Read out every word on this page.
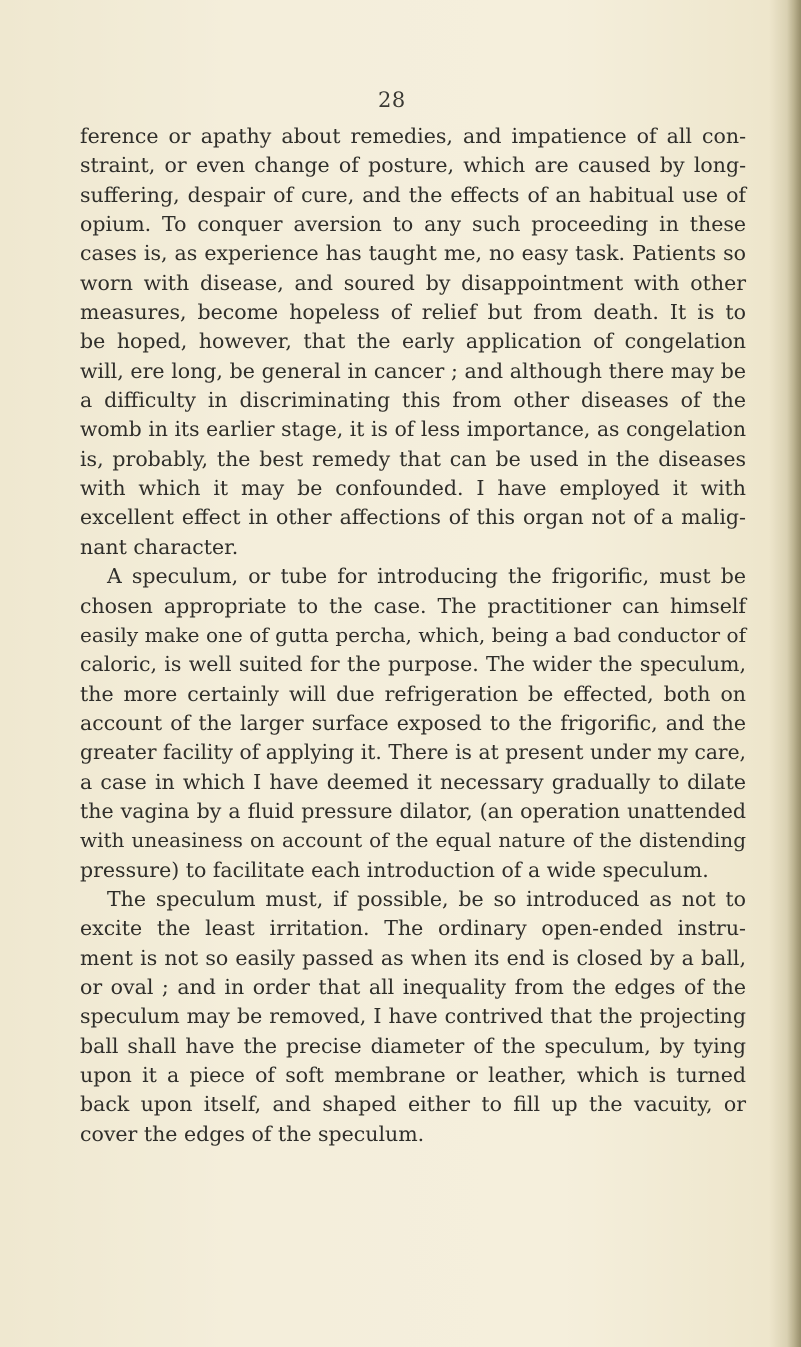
28
ference or apathy about remedies, and impatience of all con-
straint, or even change of posture, which are caused by long-
suffering, despair of cure, and the effects of an habitual use of
opium. To conquer aversion to any such proceeding in these
cases is, as experience has taught me, no easy task. Patients so
worn with disease, and soured by disappointment with other
measures, become hopeless of relief but from death. It is to
be hoped, however, that the early application of congelation
will, ere long, be general in cancer ; and although there may be
a difficulty in discriminating this from other diseases of the
womb in its earlier stage, it is of less importance, as congelation
is, probably, the best remedy that can be used in the diseases
with which it may be confounded. I have employed it with
excellent effect in other affections of this organ not of a malig-
nant character.
A speculum, or tube for introducing the frigorific, must be
chosen appropriate to the case. The practitioner can himself
easily make one of gutta percha, which, being a bad conductor of
caloric, is well suited for the purpose. The wider the speculum,
the more certainly will due refrigeration be effected, both on
account of the larger surface exposed to the frigorific, and the
greater facility of applying it. There is at present under my care,
a case in which I have deemed it necessary gradually to dilate
the vagina by a fluid pressure dilator, (an operation unattended
with uneasiness on account of the equal nature of the distending
pressure) to facilitate each introduction of a wide speculum.
The speculum must, if possible, be so introduced as not to
excite the least irritation. The ordinary open-ended instru-
ment is not so easily passed as when its end is closed by a ball,
or oval ; and in order that all inequality from the edges of the
speculum may be removed, I have contrived that the projecting
ball shall have the precise diameter of the speculum, by tying
upon it a piece of soft membrane or leather, which is turned
back upon itself, and shaped either to fill up the vacuity, or
cover the edges of the speculum.
